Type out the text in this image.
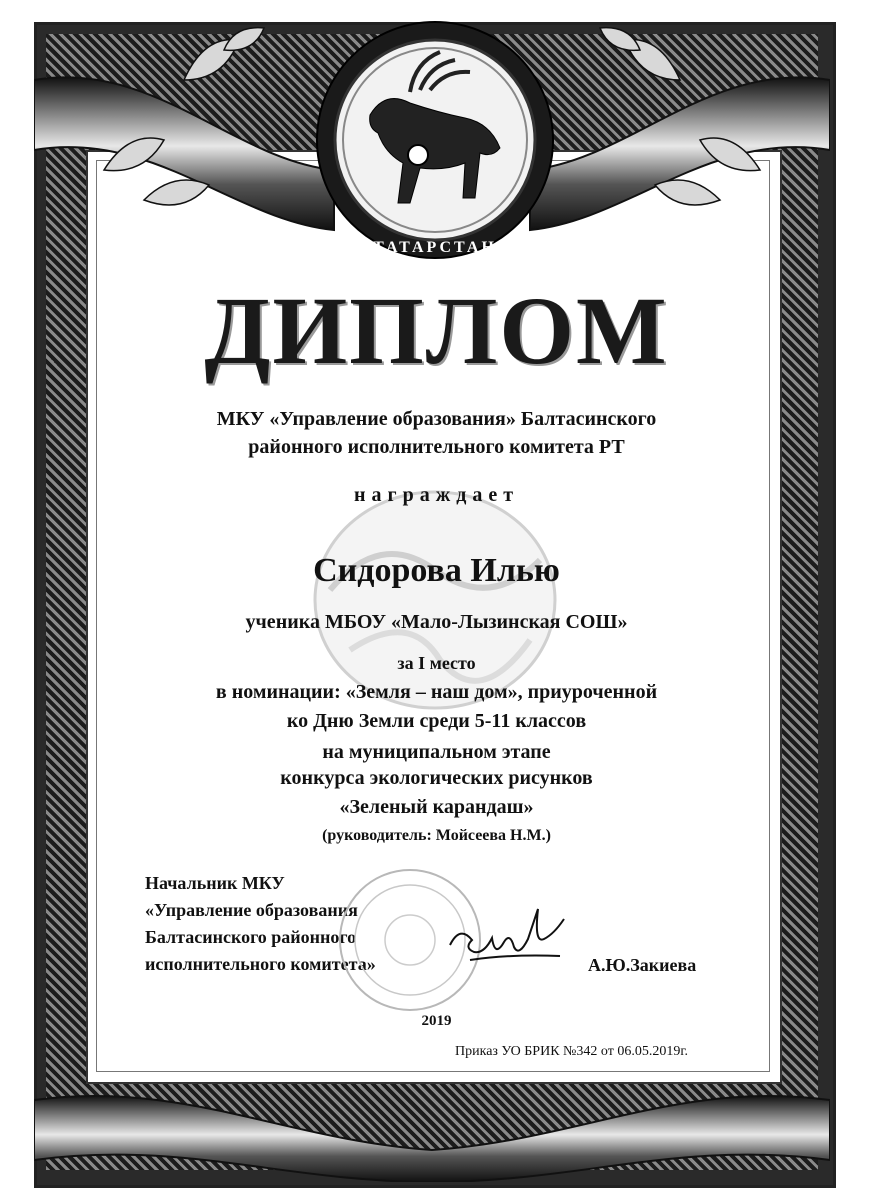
ТАТАРСТАН
ДИПЛОМ
МКУ «Управление образования» Балтасинского
районного исполнительного комитета РТ
награждает
Сидорова Илью
ученика МБОУ «Мало-Лызинская СОШ»
за I место
в номинации: «Земля – наш дом», приуроченной
ко Дню Земли среди 5-11 классов
на муниципальном этапе
конкурса экологических рисунков
«Зеленый карандаш»
(руководитель: Мойсеева Н.М.)
Начальник МКУ
«Управление образования
Балтасинского районного
исполнительного комитета»	А.Ю.Закиева
2019
Приказ УО БРИК №342 от 06.05.2019г.
